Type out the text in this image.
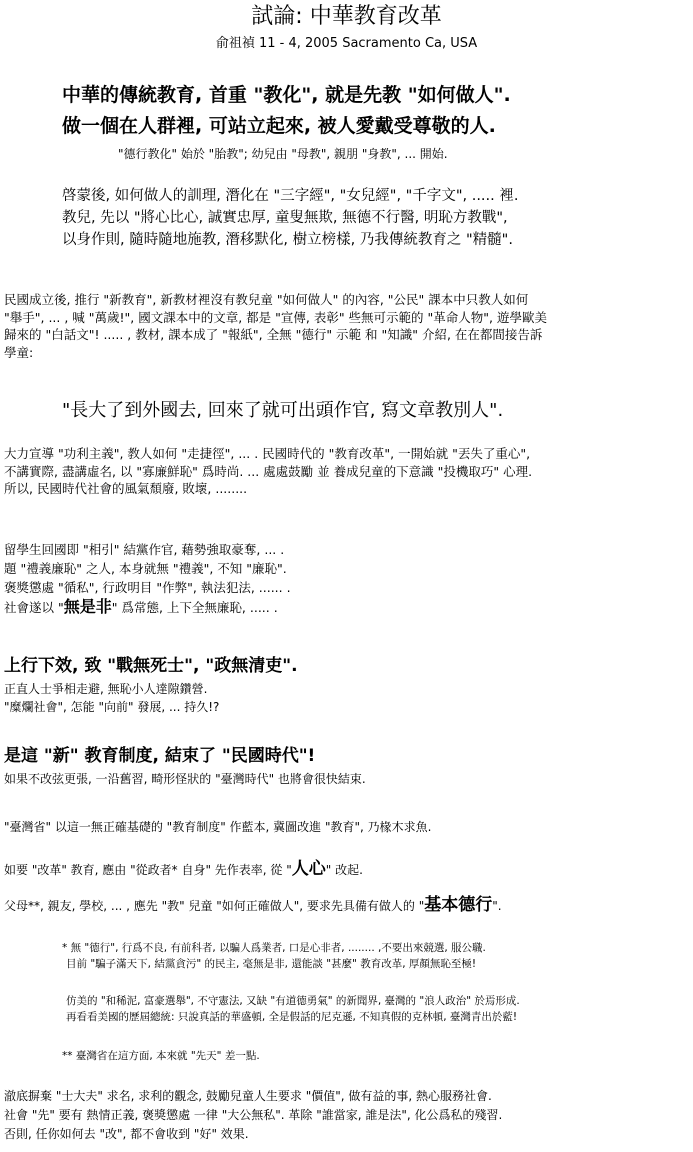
試論: 中華教育改革
俞祖禎 11 - 4, 2005 Sacramento Ca, USA
中華的傳統教育, 首重 "教化", 就是先教 "如何做人".
做一個在人群裡, 可站立起來, 被人愛戴受尊敬的人.
"德行教化" 始於 "胎教"; 幼兒由 "母教", 親朋 "身教", ... 開始.
啓蒙後, 如何做人的訓理, 潛化在 "三字經", "女兒經", "千字文", ..... 裡.
教兒, 先以 "將心比心, 誠實忠厚, 童叟無欺, 無德不行醫, 明恥方教戰",
以身作則, 隨時隨地施教, 潛移默化, 樹立榜樣, 乃我傳統教育之 "精髓".
民國成立後, 推行 "新教育", 新教材裡沒有教兒童 "如何做人" 的內容, "公民" 課本中只教人如何
"舉手", ... , 喊 "萬歲!", 國文課本中的文章, 都是 "宣傳, 表彰" 些無可示範的 "革命人物", 遊學歐美
歸來的 "白話文"! ..... , 教材, 課本成了 "報紙", 全無 "德行" 示範 和 "知識" 介紹, 在在都間接告訴
學童:
"長大了到外國去, 回來了就可出頭作官, 寫文章教別人".
大力宣導 "功利主義", 教人如何 "走捷徑", ... . 民國時代的 "教育改革", 一開始就 "丟失了重心",
不講實際, 盡講虛名, 以 "寡廉鮮恥" 爲時尚. ... 處處鼓勵 並 養成兒童的下意識 "投機取巧" 心理.
所以, 民國時代社會的風氣頹廢, 敗壞, ........
留學生回國即 "相引" 結黨作官, 藉勢強取豪奪, ... .
題 "禮義廉恥" 之人, 本身就無 "禮義", 不知 "廉恥".
褒獎懲處 "循私", 行政明目 "作弊", 執法犯法, ...... .
社會遂以 "無是非" 爲常態, 上下全無廉恥, ..... .
上行下效, 致 "戰無死士", "政無清吏".
正直人士爭相走避, 無恥小人達隙鑽營.
"糜爛社會", 怎能 "向前" 發展, ... 持久!?
是這 "新" 教育制度, 結束了 "民國時代"!
如果不改弦更張, 一沿舊習, 畸形怪狀的 "臺灣時代" 也將會很快結束.
"臺灣省" 以這一無正確基礎的 "教育制度" 作藍本, 冀圖改進 "教育", 乃椽木求魚.
如要 "改革" 教育, 應由 "從政者* 自身" 先作表率, 從 "人心" 改起.
父母**, 親友, 學校, ... , 應先 "教" 兒童 "如何正確做人", 要求先具備有做人的 "基本德行".
* 無 "德行", 行爲不良, 有前科者, 以騙人爲業者, 口是心非者, ........ ,不要出來競選, 服公職.
目前 "騙子滿天下, 結黨貪污" 的民主, 毫無是非, 還能談 "甚麼" 教育改革, 厚顏無恥至極!
仿美的 "和稀泥, 富豪選舉", 不守憲法, 又缺 "有道德勇氣" 的新聞界, 臺灣的 "浪人政治" 於焉形成.
再看看美國的歷屆總統: 只說真話的華盛頓, 全是假話的尼克遜, 不知真假的克林頓, 臺灣青出於藍!
** 臺灣省在這方面, 本來就 "先天" 差一點.
澈底摒棄 "士大夫" 求名, 求利的觀念, 鼓勵兒童人生要求 "價值", 做有益的事, 熱心服務社會.
社會 "先" 要有 熱情正義, 褒獎懲處 一律 "大公無私". 革除 "誰當家, 誰是法", 化公爲私的殘習.
否則, 任你如何去 "改", 都不會收到 "好" 效果.
